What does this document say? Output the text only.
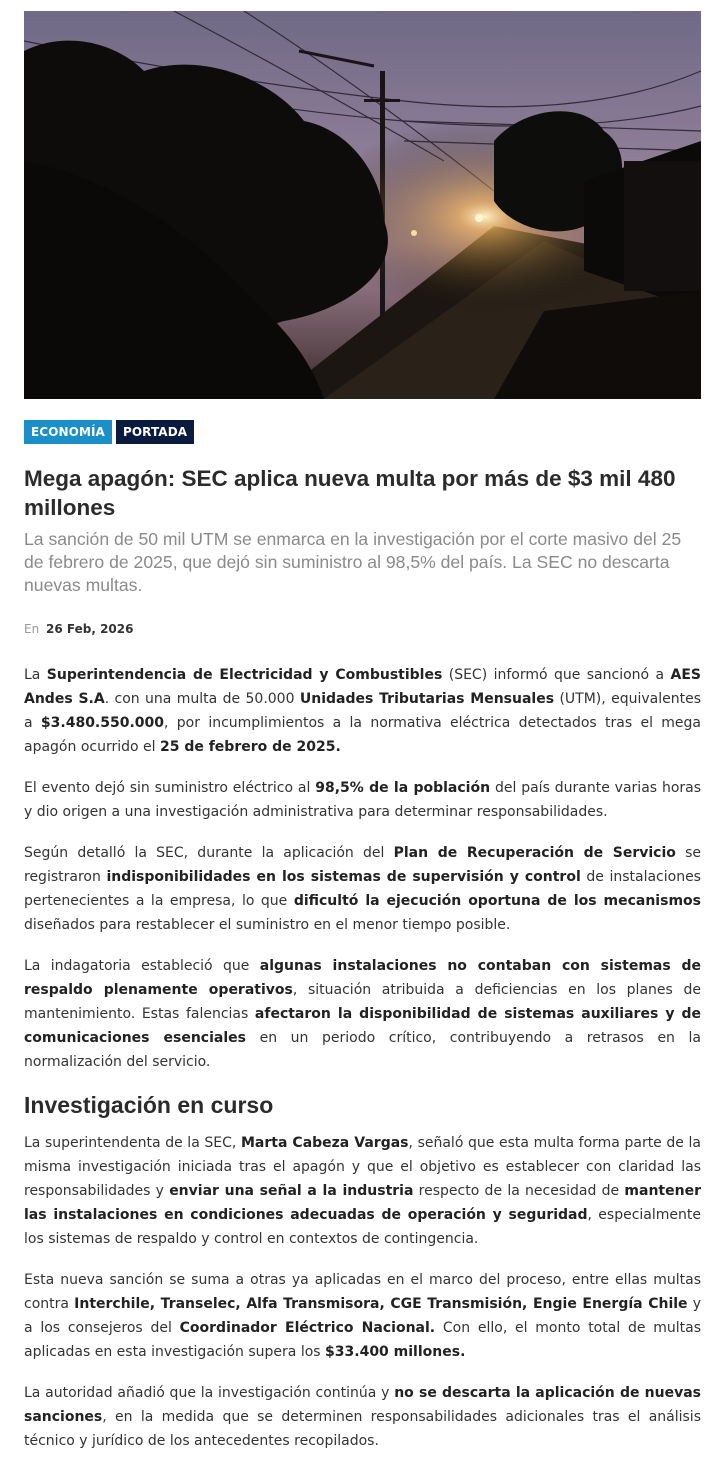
ECONOMÍA	PORTADA
Mega apagón: SEC aplica nueva multa por más de $3 mil 480 millones
La sanción de 50 mil UTM se enmarca en la investigación por el corte masivo del 25 de febrero de 2025, que dejó sin suministro al 98,5% del país. La SEC no descarta nuevas multas.
En 26 Feb, 2026

La Superintendencia de Electricidad y Combustibles (SEC) informó que sancionó a AES Andes S.A. con una multa de 50.000 Unidades Tributarias Mensuales (UTM), equivalentes a $3.480.550.000, por incumplimientos a la normativa eléctrica detectados tras el mega apagón ocurrido el 25 de febrero de 2025.

El evento dejó sin suministro eléctrico al 98,5% de la población del país durante varias horas y dio origen a una investigación administrativa para determinar responsabilidades.

Según detalló la SEC, durante la aplicación del Plan de Recuperación de Servicio se registraron indisponibilidades en los sistemas de supervisión y control de instalaciones pertenecientes a la empresa, lo que dificultó la ejecución oportuna de los mecanismos diseñados para restablecer el suministro en el menor tiempo posible.

La indagatoria estableció que algunas instalaciones no contaban con sistemas de respaldo plenamente operativos, situación atribuida a deficiencias en los planes de mantenimiento. Estas falencias afectaron la disponibilidad de sistemas auxiliares y de comunicaciones esenciales en un periodo crítico, contribuyendo a retrasos en la normalización del servicio.

Investigación en curso

La superintendenta de la SEC, Marta Cabeza Vargas, señaló que esta multa forma parte de la misma investigación iniciada tras el apagón y que el objetivo es establecer con claridad las responsabilidades y enviar una señal a la industria respecto de la necesidad de mantener las instalaciones en condiciones adecuadas de operación y seguridad, especialmente los sistemas de respaldo y control en contextos de contingencia.

Esta nueva sanción se suma a otras ya aplicadas en el marco del proceso, entre ellas multas contra Interchile, Transelec, Alfa Transmisora, CGE Transmisión, Engie Energía Chile y a los consejeros del Coordinador Eléctrico Nacional. Con ello, el monto total de multas aplicadas en esta investigación supera los $33.400 millones.

La autoridad añadió que la investigación continúa y no se descarta la aplicación de nuevas sanciones, en la medida que se determinen responsabilidades adicionales tras el análisis técnico y jurídico de los antecedentes recopilados.
